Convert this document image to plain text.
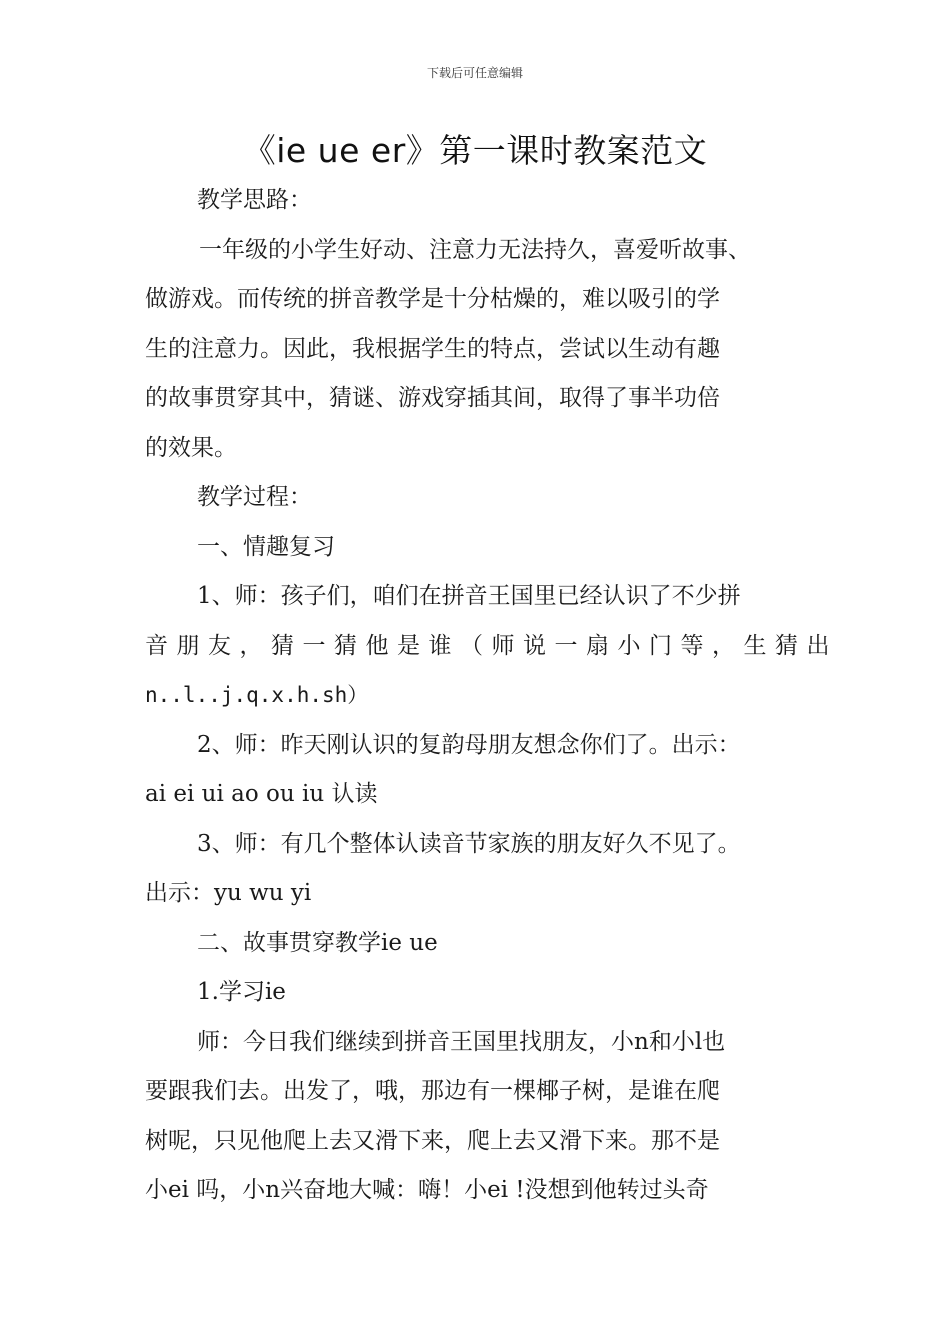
下载后可任意编辑
《ie ue er》第一课时教案范文
教学思路：
一年级的小学生好动、注意力无法持久，喜爱听故事、
做游戏。而传统的拼音教学是十分枯燥的，难以吸引的学
生的注意力。因此，我根据学生的特点，尝试以生动有趣
的故事贯穿其中，猜谜、游戏穿插其间，取得了事半功倍
的效果。
教学过程：
一、情趣复习
1、师：孩子们，咱们在拼音王国里已经认识了不少拼
音朋友，猜一猜他是谁（师说一扇小门等，生猜出
n..l..j.q.x.h.sh）
2、师：昨天刚认识的复韵母朋友想念你们了。出示：
ai ei ui ao ou iu 认读
3、师：有几个整体认读音节家族的朋友好久不见了。
出示：yu wu yi
二、故事贯穿教学ie ue
1.学习ie
师：今日我们继续到拼音王国里找朋友，小n和小l也
要跟我们去。出发了，哦，那边有一棵椰子树，是谁在爬
树呢，只见他爬上去又滑下来，爬上去又滑下来。那不是
小ei 吗，小n兴奋地大喊：嗨！小ei !没想到他转过头奇
